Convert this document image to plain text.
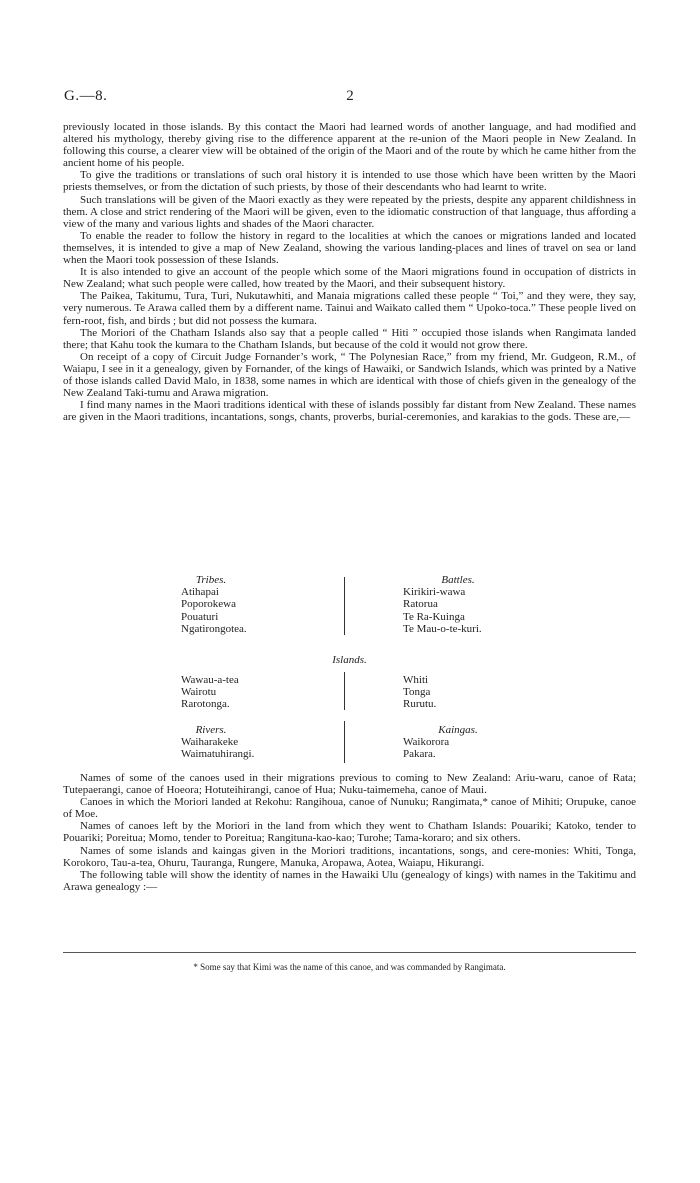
G.—8.	2

previously located in those islands. By this contact the Maori had learned words of another language, and had modified and altered his mythology, thereby giving rise to the difference apparent at the re-union of the Maori people in New Zealand. In following this course, a clearer view will be obtained of the origin of the Maori and of the route by which he came hither from the ancient home of his people.

To give the traditions or translations of such oral history it is intended to use those which have been written by the Maori priests themselves, or from the dictation of such priests, by those of their descendants who had learnt to write.

Such translations will be given of the Maori exactly as they were repeated by the priests, despite any apparent childishness in them. A close and strict rendering of the Maori will be given, even to the idiomatic construction of that language, thus affording a view of the many and various lights and shades of the Maori character.

To enable the reader to follow the history in regard to the localities at which the canoes or migrations landed and located themselves, it is intended to give a map of New Zealand, showing the various landing-places and lines of travel on sea or land when the Maori took possession of these Islands.

It is also intended to give an account of the people which some of the Maori migrations found in occupation of districts in New Zealand; what such people were called, how treated by the Maori, and their subsequent history.

The Paikea, Takitumu, Tura, Turi, Nukutawhiti, and Manaia migrations called these people “ Toi,” and they were, they say, very numerous. Te Arawa called them by a different name. Tainui and Waikato called them “ Upoko-toca.” These people lived on fern-root, fish, and birds ; but did not possess the kumara.

The Moriori of the Chatham Islands also say that a people called “ Hiti ” occupied those islands when Rangimata landed there; that Kahu took the kumara to the Chatham Islands, but because of the cold it would not grow there.

On receipt of a copy of Circuit Judge Fornander’s work, “ The Polynesian Race,” from my friend, Mr. Gudgeon, R.M., of Waiapu, I see in it a genealogy, given by Fornander, of the kings of Hawaiki, or Sandwich Islands, which was printed by a Native of those islands called David Malo, in 1838, some names in which are identical with those of chiefs given in the genealogy of the New Zealand Taki-tumu and Arawa migration.

I find many names in the Maori traditions identical with these of islands possibly far distant from New Zealand. These names are given in the Maori traditions, incantations, songs, chants, proverbs, burial-ceremonies, and karakias to the gods. These are,—

Tribes.
Atihapai
Poporokewa
Pouaturi
Ngatirongotea.
Battles.
Kirikiri-wawa
Ratorua
Te Ra-Kuinga
Te Mau-o-te-kuri.
Islands.
Wawau-a-tea
Wairotu
Rarotonga.
Whiti
Tonga
Rurutu.
Rivers.
Waiharakeke
Waimatuhirangi.
Kaingas.
Waikorora
Pakara.

Names of some of the canoes used in their migrations previous to coming to New Zealand: Ariu-waru, canoe of Rata; Tutepaerangi, canoe of Hoeora; Hotuteihirangi, canoe of Hua; Nuku-taimemeha, canoe of Maui.

Canoes in which the Moriori landed at Rekohu: Rangihoua, canoe of Nunuku; Rangimata,* canoe of Mihiti; Orupuke, canoe of Moe.

Names of canoes left by the Moriori in the land from which they went to Chatham Islands: Pouariki; Katoko, tender to Pouariki; Poreitua; Momo, tender to Poreitua; Rangituna-kao-kao; Turohe; Tama-koraro; and six others.

Names of some islands and kaingas given in the Moriori traditions, incantations, songs, and cere-monies: Whiti, Tonga, Korokoro, Tau-a-tea, Ohuru, Tauranga, Rungere, Manuka, Aropawa, Aotea, Waiapu, Hikurangi.

The following table will show the identity of names in the Hawaiki Ulu (genealogy of kings) with names in the Takitimu and Arawa genealogy :—

* Some say that Kimi was the name of this canoe, and was commanded by Rangimata.
